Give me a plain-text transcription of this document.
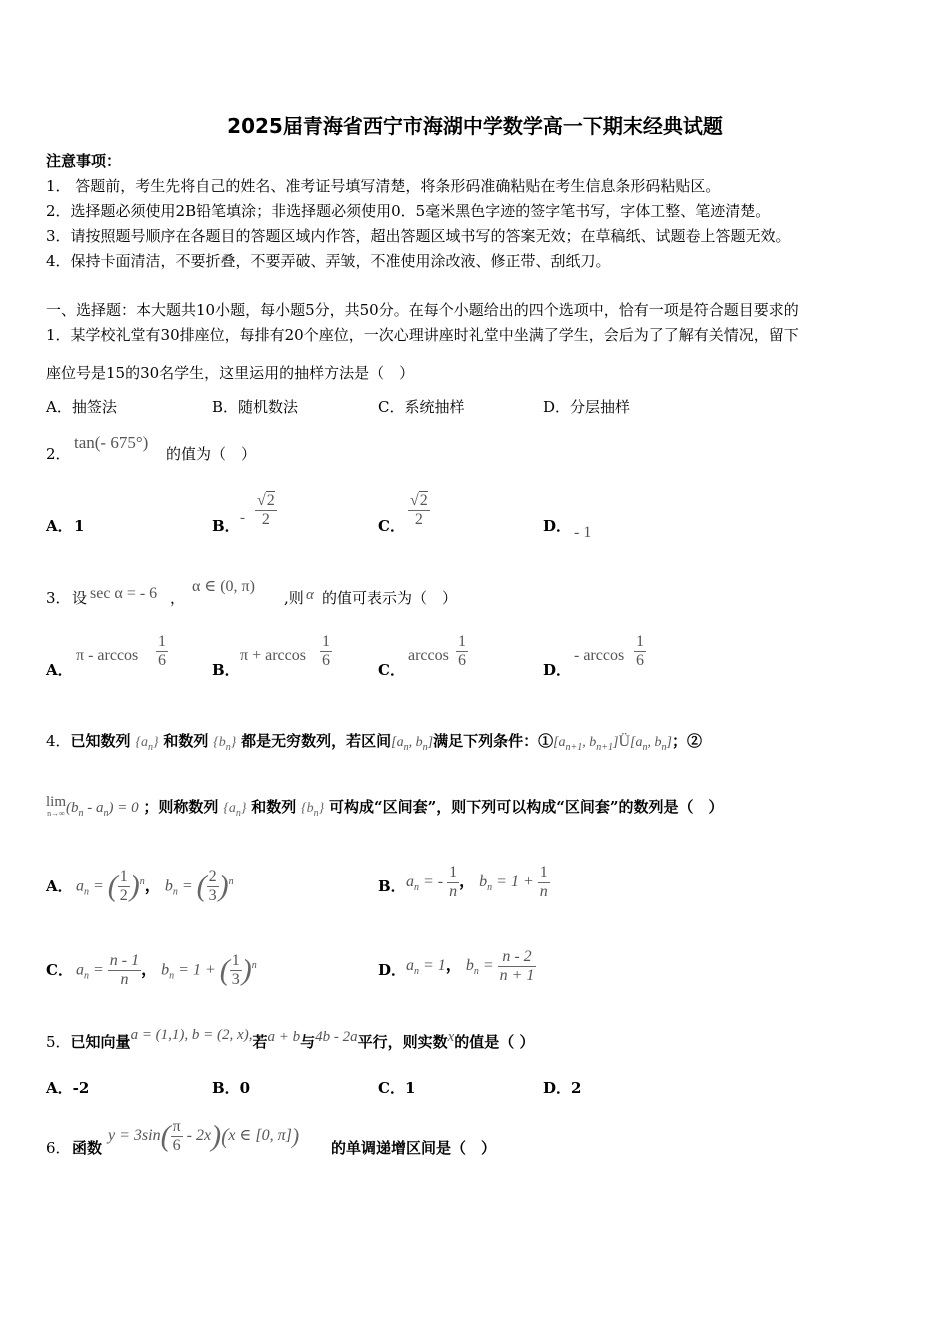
2025届青海省西宁市海湖中学数学高一下期末经典试题
注意事项：
1． 答题前，考生先将自己的姓名、准考证号填写清楚，将条形码准确粘贴在考生信息条形码粘贴区。
2．选择题必须使用2B铅笔填涂；非选择题必须使用0．5毫米黑色字迹的签字笔书写，字体工整、笔迹清楚。
3．请按照题号顺序在各题目的答题区域内作答，超出答题区域书写的答案无效；在草稿纸、试题卷上答题无效。
4．保持卡面清洁，不要折叠，不要弄破、弄皱，不准使用涂改液、修正带、刮纸刀。
一、选择题：本大题共10小题，每小题5分，共50分。在每个小题给出的四个选项中，恰有一项是符合题目要求的
1．某学校礼堂有30排座位，每排有20个座位，一次心理讲座时礼堂中坐满了学生，会后为了了解有关情况，留下
座位号是15的30名学生，这里运用的抽样方法是（　）
A．抽签法	B．随机数法	C．系统抽样	D．分层抽样
2．
tan(- 675°)
的值为（　）
A． 1	B． - $\frac{√2}{2}$	C． $\frac{√2}{2}$	D． - 1
3． 设 sec α = - 6 ，
α ∈ (0, π)
,则 α 的值可表示为（　）
A．
π - $\arccos \frac{1}{6}$	B．
$\pi + \arccos \frac{1}{6}$	C．
$\arccos \frac{1}{6}$	D．
- $\arccos \frac{1}{6}$
4．已知数列 $\{a_n\}$ 和数列 $\{b_n\}$ 都是无穷数列，若区间[$a_n$, $b_n$]满足下列条件：$①[a_{n+1}$, $b_{n+1}]Ü[a_n$, $b_n$]；②
lim
n→∞ $(b_n - a_n) = 0$ ；则称数列 $\{a_n\}$ 和数列 $\{b_n\}$ 可构成“区间套”，则下列可以构成“区间套”的数列是（　）
A． $a_n$ = ( $\frac{1}{2} )^n$， $b_n$ = ( $\frac{2}{3} )^n$	B． $a_n$ = - $\frac{1}{n}$ ， $b_n = 1 + \frac{1}{n}$
C． $a_n = \frac{n - 1}{n}$ ， $b_n = 1$ + ( $\frac{1}{3} )^n$	D． $a_n = 1$， $b_n = \frac{n - 2}{n + 1}$
5．已知向量a = (1,1), b = (2, x),若a + b与4b - 2a平行，则实数x的值是（ ）
A．-2	B．0	C．1	D．2
6． 函数
$y = 3\sin( \frac{\pi}{6} - 2x)(x$ ∈ [0, π]) 的单调递增区间是（　）
